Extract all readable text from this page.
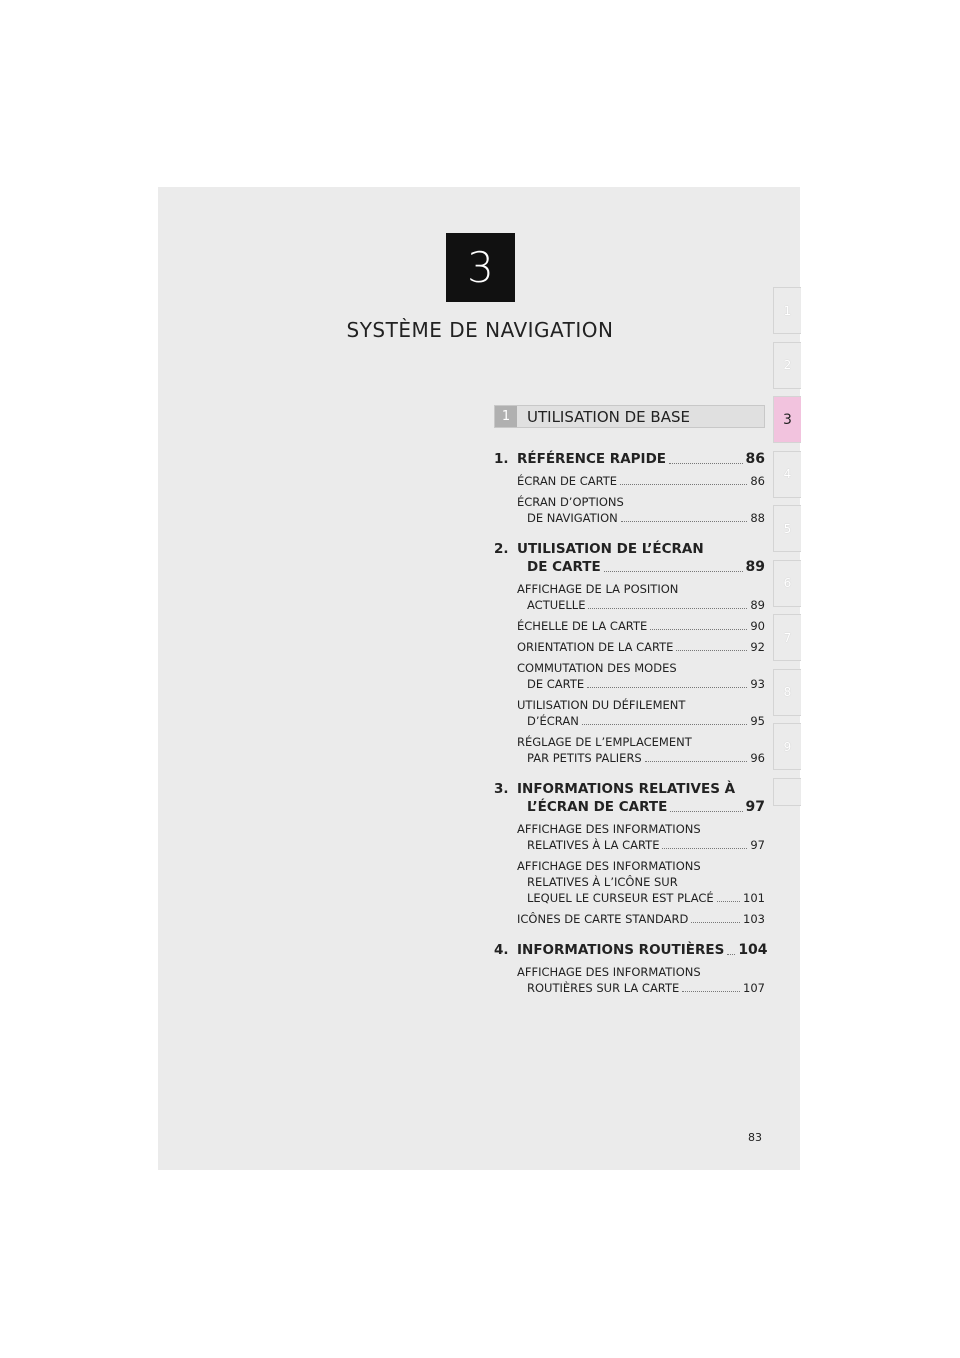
3
SYSTÈME DE NAVIGATION
1
2
3
4
5
6
7
8
9
1	UTILISATION DE BASE
1. RÉFÉRENCE RAPIDE	86
ÉCRAN DE CARTE	86
ÉCRAN D’OPTIONS
DE NAVIGATION	88
2. UTILISATION DE L’ÉCRAN
DE CARTE	89
AFFICHAGE DE LA POSITION
ACTUELLE	89
ÉCHELLE DE LA CARTE	90
ORIENTATION DE LA CARTE	92
COMMUTATION DES MODES
DE CARTE	93
UTILISATION DU DÉFILEMENT
D’ÉCRAN	95
RÉGLAGE DE L’EMPLACEMENT
PAR PETITS PALIERS	96
3. INFORMATIONS RELATIVES À
L’ÉCRAN DE CARTE	97
AFFICHAGE DES INFORMATIONS
RELATIVES À LA CARTE	97
AFFICHAGE DES INFORMATIONS
RELATIVES À L’ICÔNE SUR
LEQUEL LE CURSEUR EST PLACÉ	101
ICÔNES DE CARTE STANDARD	103
4. INFORMATIONS ROUTIÈRES 104
AFFICHAGE DES INFORMATIONS
ROUTIÈRES SUR LA CARTE	107
83
